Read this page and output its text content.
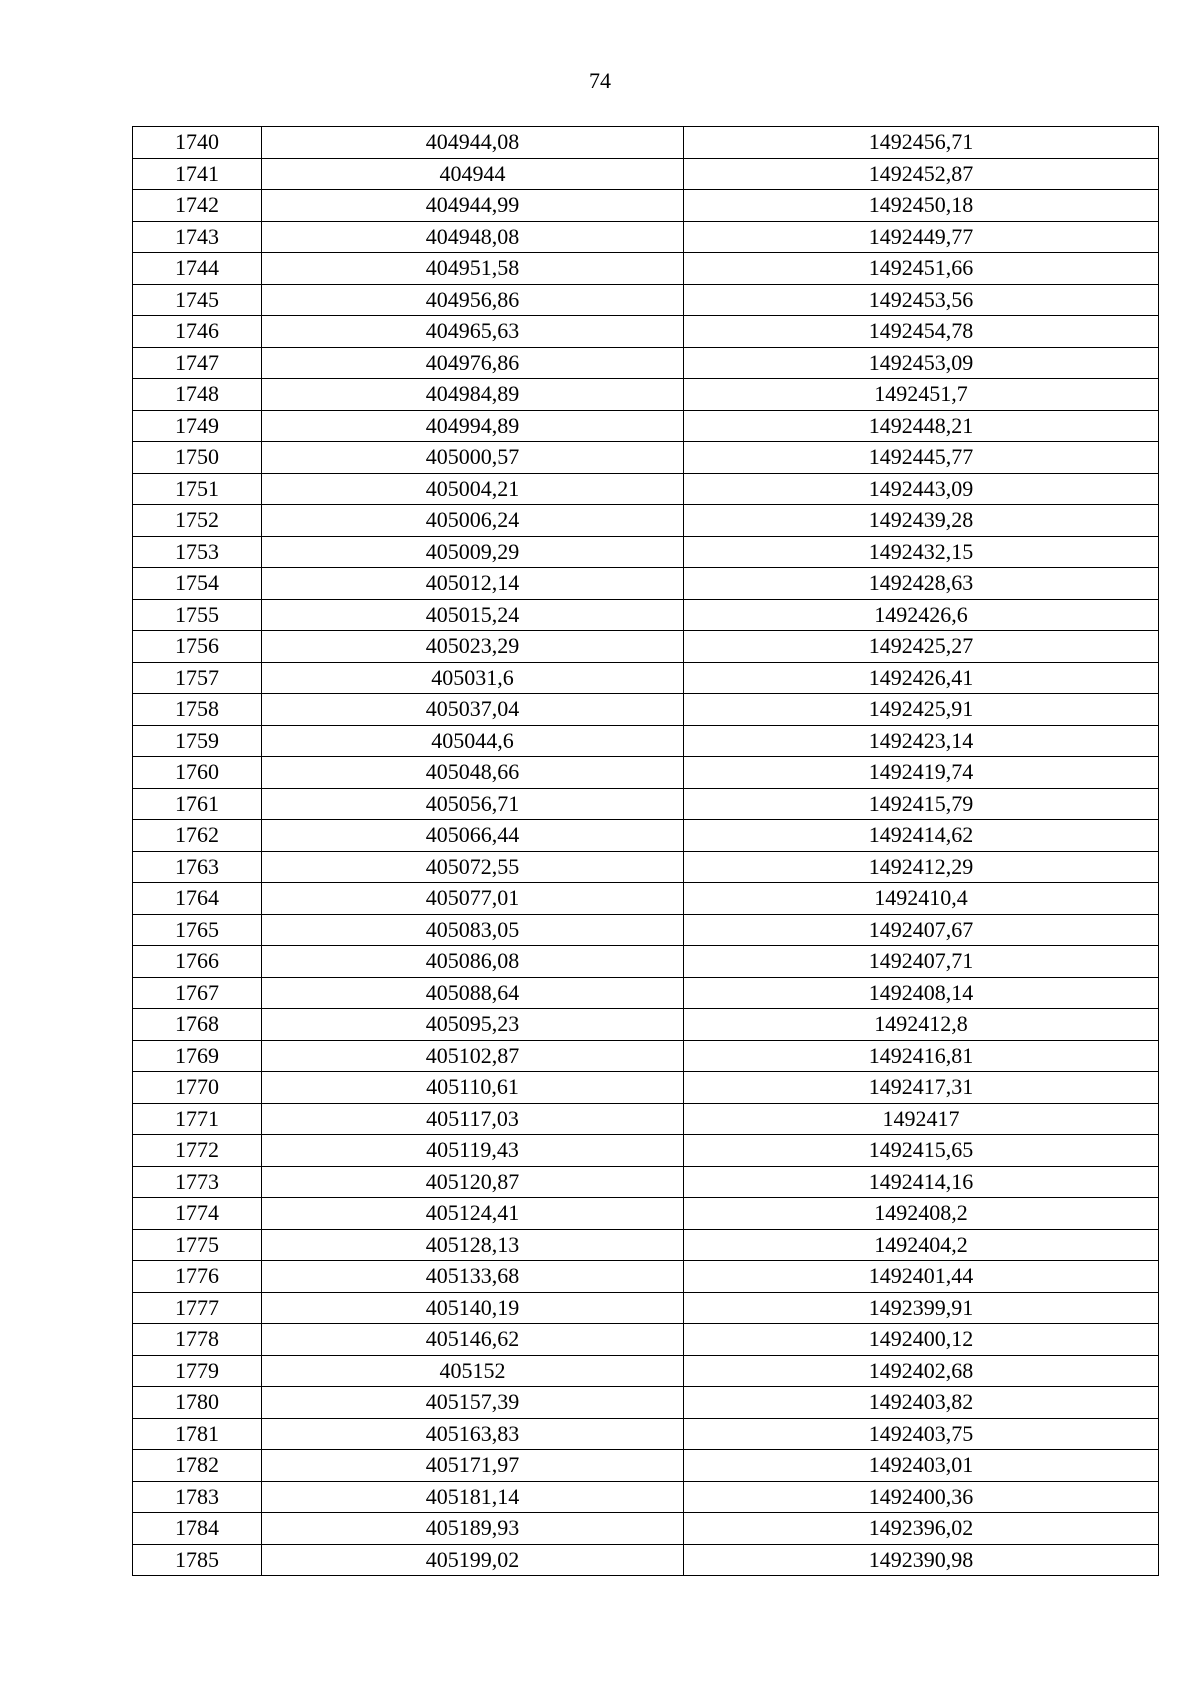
74
1740	404944,08	1492456,71
1741	404944	1492452,87
1742	404944,99	1492450,18
1743	404948,08	1492449,77
1744	404951,58	1492451,66
1745	404956,86	1492453,56
1746	404965,63	1492454,78
1747	404976,86	1492453,09
1748	404984,89	1492451,7
1749	404994,89	1492448,21
1750	405000,57	1492445,77
1751	405004,21	1492443,09
1752	405006,24	1492439,28
1753	405009,29	1492432,15
1754	405012,14	1492428,63
1755	405015,24	1492426,6
1756	405023,29	1492425,27
1757	405031,6	1492426,41
1758	405037,04	1492425,91
1759	405044,6	1492423,14
1760	405048,66	1492419,74
1761	405056,71	1492415,79
1762	405066,44	1492414,62
1763	405072,55	1492412,29
1764	405077,01	1492410,4
1765	405083,05	1492407,67
1766	405086,08	1492407,71
1767	405088,64	1492408,14
1768	405095,23	1492412,8
1769	405102,87	1492416,81
1770	405110,61	1492417,31
1771	405117,03	1492417
1772	405119,43	1492415,65
1773	405120,87	1492414,16
1774	405124,41	1492408,2
1775	405128,13	1492404,2
1776	405133,68	1492401,44
1777	405140,19	1492399,91
1778	405146,62	1492400,12
1779	405152	1492402,68
1780	405157,39	1492403,82
1781	405163,83	1492403,75
1782	405171,97	1492403,01
1783	405181,14	1492400,36
1784	405189,93	1492396,02
1785	405199,02	1492390,98
